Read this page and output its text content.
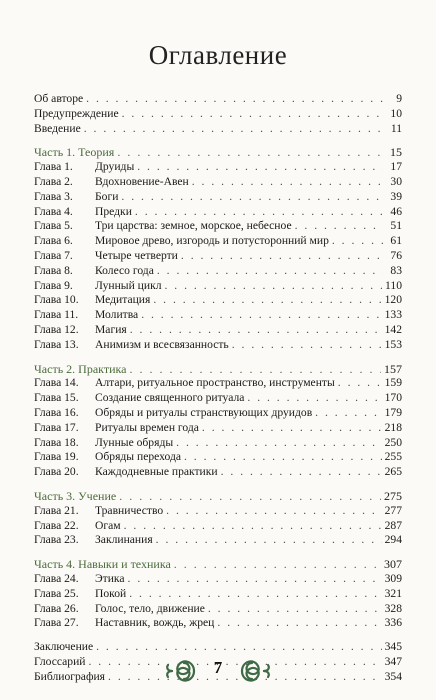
Оглавление
Об авторе . . .	9
Предупреждение . . .	10
Введение . . .	11
Часть 1. Теория . . .	15
Глава 1. Друиды . . .	17
Глава 2. Вдохновение-Авен . . .	30
Глава 3. Боги . . .	39
Глава 4. Предки . . .	46
Глава 5. Три царства: земное, морское, небесное . . .	51
Глава 6. Мировое древо, изгородь и потусторонний мир . . .	61
Глава 7. Четыре четверти . . .	76
Глава 8. Колесо года . . .	83
Глава 9. Лунный цикл . . .	110
Глава 10. Медитация . . .	120
Глава 11. Молитва . . .	133
Глава 12. Магия . . .	142
Глава 13. Анимизм и всесвязанность . . .	153
Часть 2. Практика . . .	157
Глава 14. Алтари, ритуальное пространство, инструменты . . .	159
Глава 15. Создание священного ритуала . . .	170
Глава 16. Обряды и ритуалы странствующих друидов . . .	179
Глава 17. Ритуалы времен года . . .	218
Глава 18. Лунные обряды . . .	250
Глава 19. Обряды перехода . . .	255
Глава 20. Каждодневные практики . . .	265
Часть 3. Учение . . .	275
Глава 21. Травничество . . .	277
Глава 22. Огам . . .	287
Глава 23. Заклинания . . .	294
Часть 4. Навыки и техника . . .	307
Глава 24. Этика . . .	309
Глава 25. Покой . . .	321
Глава 26. Голос, тело, движение . . .	328
Глава 27. Наставник, вождь, жрец . . .	336
Заключение . . .	345
Глоссарий . . .	347
Библиография . . .	354
7
